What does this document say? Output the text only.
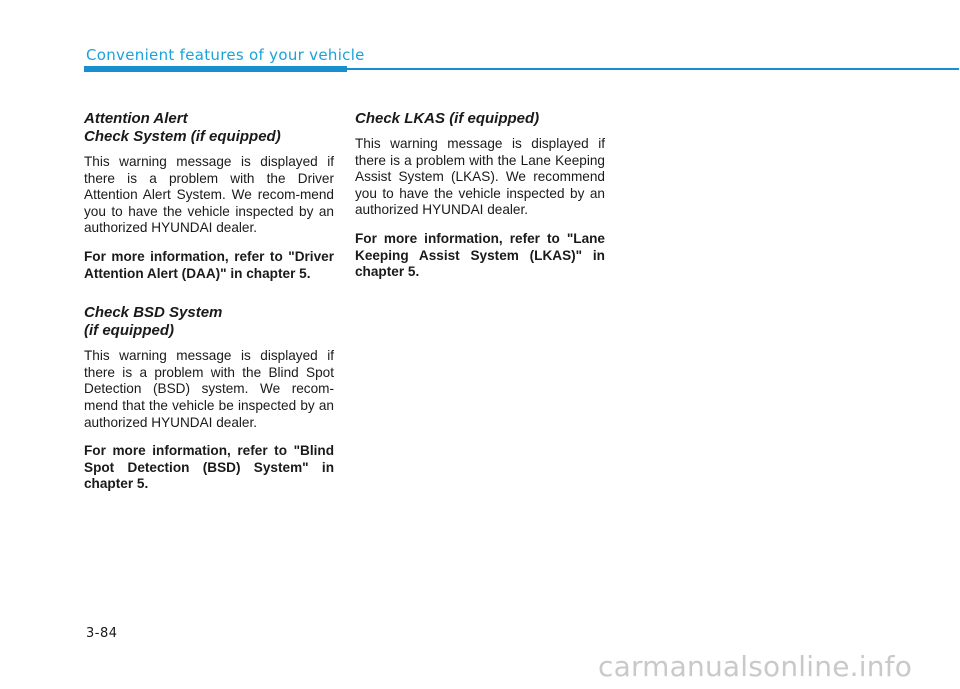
Convenient features of your vehicle
Attention Alert
Check System (if equipped)

This warning message is displayed if there is a problem with the Driver Attention Alert System. We recom-mend you to have the vehicle inspected by an authorized HYUNDAI dealer.

For more information, refer to "Driver Attention Alert (DAA)" in chapter 5.

Check BSD System
(if equipped)

This warning message is displayed if there is a problem with the Blind Spot Detection (BSD) system. We recom-mend that the vehicle be inspected by an authorized HYUNDAI dealer.

For more information, refer to "Blind Spot Detection (BSD) System" in chapter 5.

Check LKAS (if equipped)

This warning message is displayed if there is a problem with the Lane Keeping Assist System (LKAS). We recommend you to have the vehicle inspected by an authorized HYUNDAI dealer.

For more information, refer to "Lane Keeping Assist System (LKAS)" in chapter 5.

3-84
carmanualsonline.info
